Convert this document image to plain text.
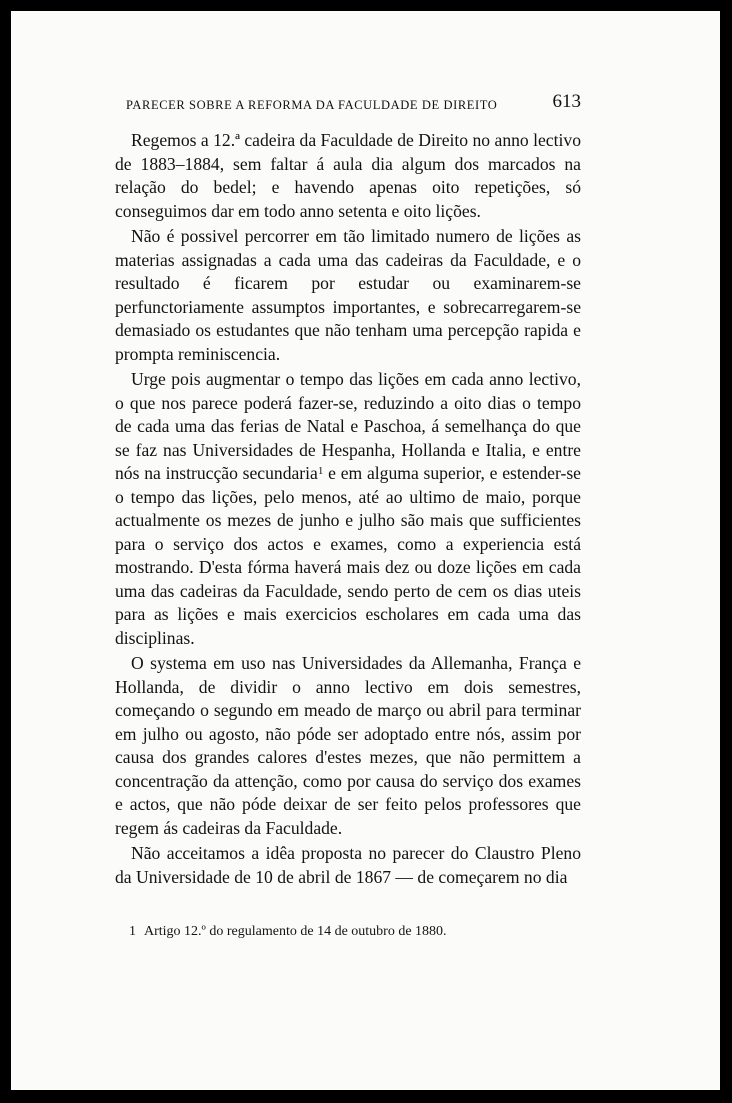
PARECER SOBRE A REFORMA DA FACULDADE DE DIREITO	613

Regemos a 12.ª cadeira da Faculdade de Direito no anno lectivo de 1883–1884, sem faltar á aula dia algum dos marcados na relação do bedel; e havendo apenas oito repetições, só conseguimos dar em todo anno setenta e oito lições.

Não é possivel percorrer em tão limitado numero de lições as materias assignadas a cada uma das cadeiras da Faculdade, e o resultado é ficarem por estudar ou examinarem-se perfunctoriamente assumptos importantes, e sobrecarregarem-se demasiado os estudantes que não tenham uma percepção rapida e prompta reminiscencia.

Urge pois augmentar o tempo das lições em cada anno lectivo, o que nos parece poderá fazer-se, reduzindo a oito dias o tempo de cada uma das ferias de Natal e Paschoa, á semelhança do que se faz nas Universidades de Hespanha, Hollanda e Italia, e entre nós na instrucção secundaria$^1$ e em alguma superior, e estender-se o tempo das lições, pelo menos, até ao ultimo de maio, porque actualmente os mezes de junho e julho são mais que sufficientes para o serviço dos actos e exames, como a experiencia está mostrando. D'esta fórma haverá mais dez ou doze lições em cada uma das cadeiras da Faculdade, sendo perto de cem os dias uteis para as lições e mais exercicios escholares em cada uma das disciplinas.

O systema em uso nas Universidades da Allemanha, França e Hollanda, de dividir o anno lectivo em dois semestres, começando o segundo em meado de março ou abril para terminar em julho ou agosto, não póde ser adoptado entre nós, assim por causa dos grandes calores d'estes mezes, que não permittem a concentração da attenção, como por causa do serviço dos exames e actos, que não póde deixar de ser feito pelos professores que regem ás cadeiras da Faculdade.

Não acceitamos a idêa proposta no parecer do Claustro Pleno da Universidade de 10 de abril de 1867 — de começarem no dia

1 Artigo 12.º do regulamento de 14 de outubro de 1880.
